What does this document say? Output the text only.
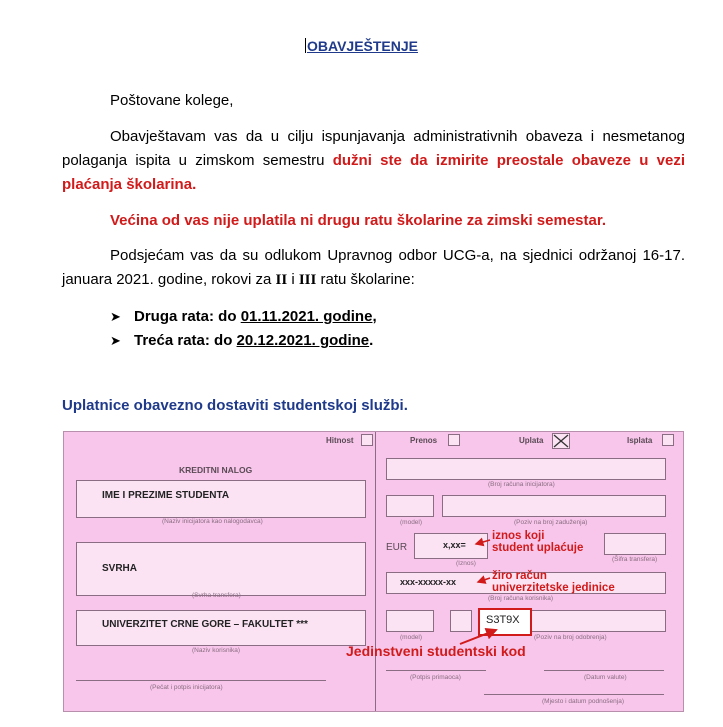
OBAVJEŠTENJE
Poštovane kolege,
Obavještavam vas da u cilju ispunjavanja administrativnih obaveza i nesmetanog polaganja ispita u zimskom semestru dužni ste da izmirite preostale obaveze u vezi plaćanja školarina.
Većina od vas nije uplatila ni drugu ratu školarine za zimski semestar.
Podsjećam vas da su odlukom Upravnog odbor UCG-a, na sjednici održanoj 16-17. januara 2021. godine, rokovi za II i III ratu školarine:
➤ Druga rata: do 01.11.2021. godine,
➤ Treća rata: do 20.12.2021. godine.
Uplatnice obavezno dostaviti studentskoj službi.
Hitnost	Prenos	Uplata	Isplata
KREDITNI NALOG
IME I PREZIME STUDENTA
(Naziv inicijatora kao nalogodavca)
SVRHA
(Svrha transfera)
UNIVERZITET CRNE GORE – FAKULTET ***
(Naziv korisnika)
(Pečat i potpis inicijatora)
(Broj računa inicijatora)
(model)	(Poziv na broj zaduženja)
EUR	x,xx=
(Iznos)
(Šifra transfera)
xxx-xxxxx-xx
(Broj računa korisnika)
S3T9X
(model)	(Poziv na broj odobrenja)
(Potpis primaoca)	(Datum valute)
(Mjesto i datum podnošenja)
iznos koji
student uplaćuje
žiro račun
univerzitetske jedinice
Jedinstveni studentski kod
